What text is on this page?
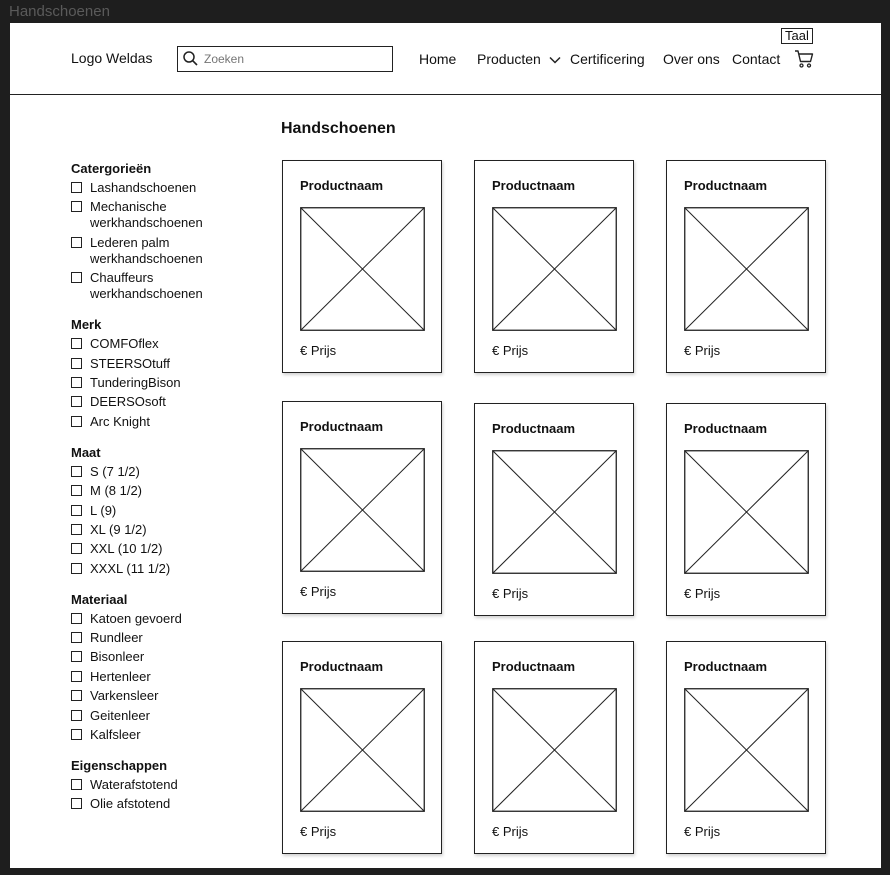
Handschoenen
Logo Weldas
Zoeken	Home Producten	Certificering Over ons Contact
Taal
Handschoenen
Catergorieën
Lashandschoenen
Mechanische werkhandschoenen
Lederen palm werkhandschoenen
Chauffeurs werkhandschoenen
Merk
COMFOflex
STEERSOtuff
TunderingBison
DEERSOsoft
Arc Knight
Maat
S (7 1/2)
M (8 1/2)
L (9)
XL (9 1/2)
XXL (10 1/2)
XXXL (11 1/2)
Materiaal
Katoen gevoerd
Rundleer
Bisonleer
Hertenleer
Varkensleer
Geitenleer
Kalfsleer
Eigenschappen
Waterafstotend
Olie afstotend
Productnaam
€ Prijs
Productnaam
€ Prijs
Productnaam
€ Prijs
Productnaam
€ Prijs
Productnaam
€ Prijs
Productnaam
€ Prijs
Productnaam
€ Prijs
Productnaam
€ Prijs
Productnaam
€ Prijs
